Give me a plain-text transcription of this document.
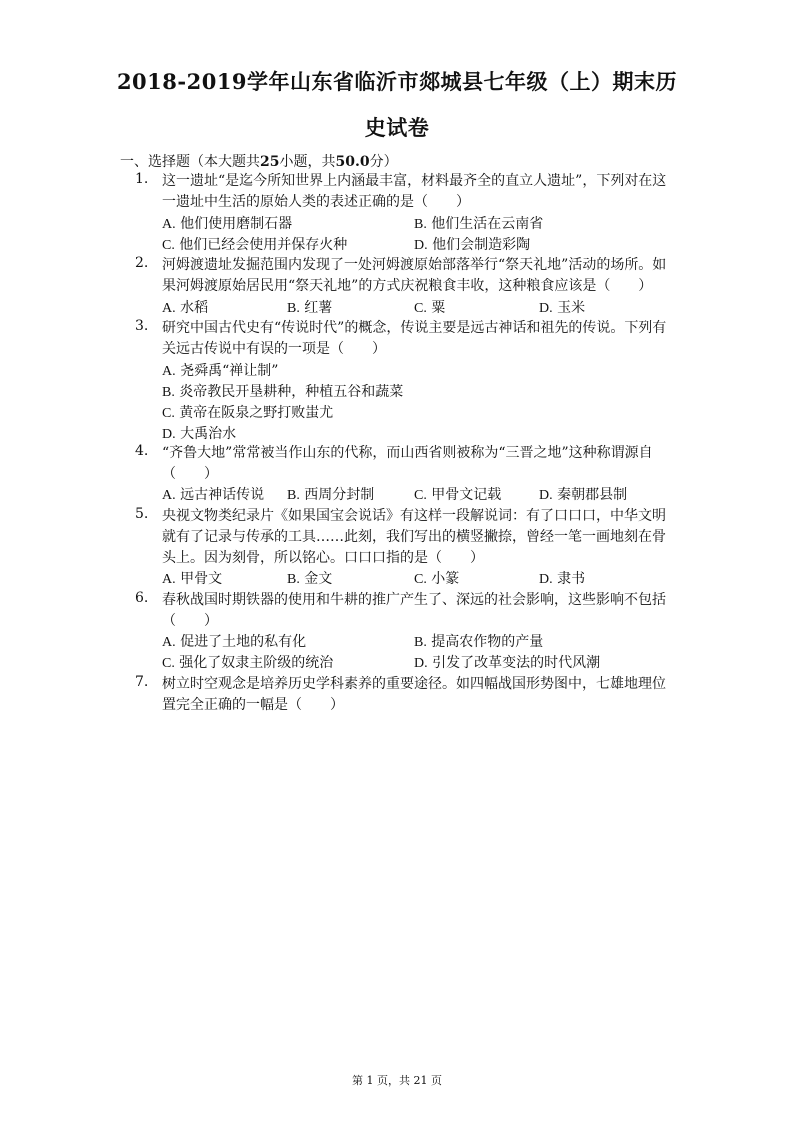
2018-2019学年山东省临沂市郯城县七年级（上）期末历
史试卷
一、选择题（本大题共25小题，共50.0分）
1. 这一遗址“是迄今所知世界上内涵最丰富，材料最齐全的直立人遗址”，下列对在这
一遗址中生活的原始人类的表述正确的是（　　）
A. 他们使用磨制石器	B. 他们生活在云南省
C. 他们已经会使用并保存火种	D. 他们会制造彩陶
2. 河姆渡遗址发掘范围内发现了一处河姆渡原始部落举行“祭天礼地”活动的场所。如
果河姆渡原始居民用“祭天礼地”的方式庆祝粮食丰收，这种粮食应该是（　　）
A. 水稻	B. 红薯	C. 粟	D. 玉米
3. 研究中国古代史有“传说时代”的概念，传说主要是远古神话和祖先的传说。下列有
关远古传说中有误的一项是（　　）
A. 尧舜禹“禅让制”
B. 炎帝教民开垦耕种，种植五谷和蔬菜
C. 黄帝在阪泉之野打败蚩尤
D. 大禹治水
4. “齐鲁大地”常常被当作山东的代称，而山西省则被称为“三晋之地”这种称谓源自
（　　）
A. 远古神话传说 B. 西周分封制	C. 甲骨文记载	D. 秦朝郡县制
5. 央视文物类纪录片《如果国宝会说话》有这样一段解说词：有了口口口，中华文明
就有了记录与传承的工具……此刻，我们写出的横竖撇捺，曾经一笔一画地刻在骨
头上。因为刻骨，所以铭心。口口口指的是（　　）
A. 甲骨文	B. 金文	C. 小篆	D. 隶书
6. 春秋战国时期铁器的使用和牛耕的推广产生了、深远的社会影响，这些影响不包括
（　　）
A. 促进了土地的私有化	B. 提高农作物的产量
C. 强化了奴隶主阶级的统治	D. 引发了改革变法的时代风潮
7. 树立时空观念是培养历史学科素养的重要途径。如四幅战国形势图中，七雄地理位
置完全正确的一幅是（　　）
第 1 页，共 21 页
